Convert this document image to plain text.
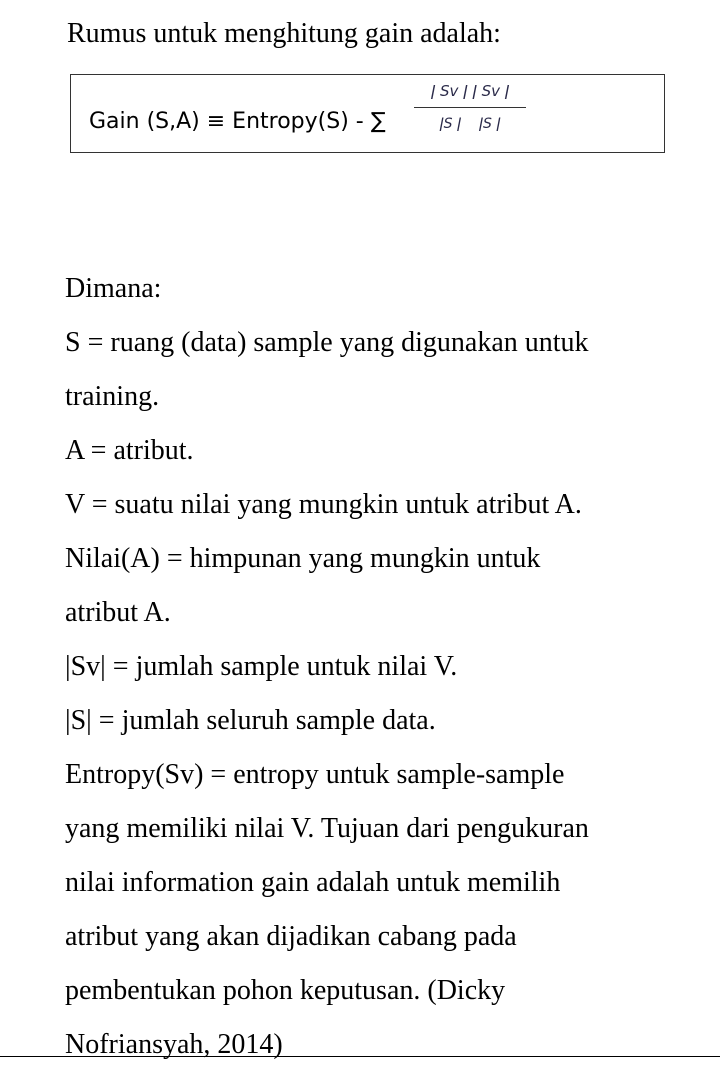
Rumus untuk menghitung gain adalah:
Gain (S,A) ≡ Entropy(S) - ∑
ǀ Sv ǀ ǀ Sv ǀ
ǀS ǀ    ǀS ǀ
Dimana:
S = ruang (data) sample yang digunakan untuk
training.
A = atribut.
V = suatu nilai yang mungkin untuk atribut A.
Nilai(A) = himpunan yang mungkin untuk
atribut A.
|Sv| = jumlah sample untuk nilai V.
|S| = jumlah seluruh sample data.
Entropy(Sv) = entropy untuk sample-sample
yang memiliki nilai V. Tujuan dari pengukuran
nilai information gain adalah untuk memilih
atribut yang akan dijadikan cabang pada
pembentukan pohon keputusan. (Dicky
Nofriansyah, 2014)
